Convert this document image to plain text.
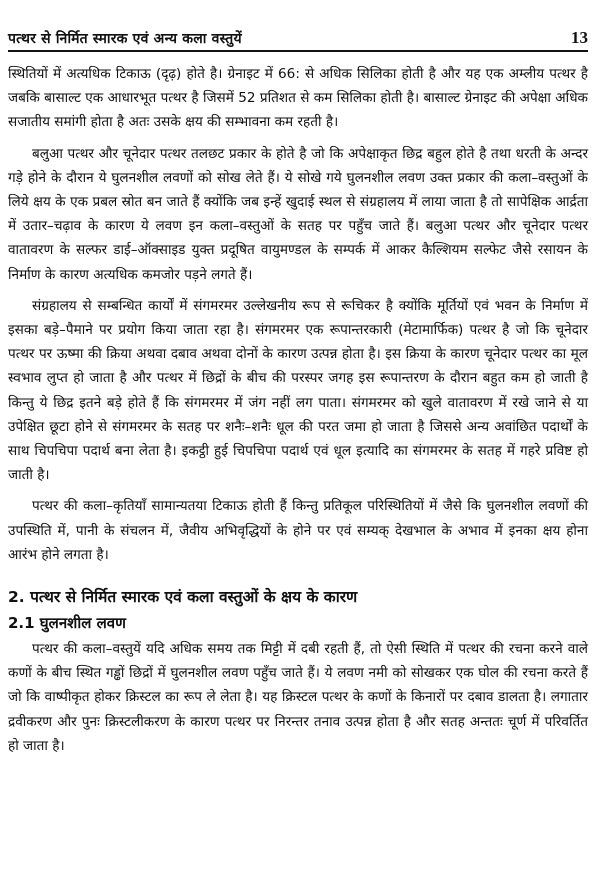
पत्थर से निर्मित स्मारक एवं अन्य कला वस्तुयें	13

स्थितियों में अत्यधिक टिकाऊ (दृढ़) होते है। ग्रेनाइट में 66: से अधिक सिलिका होती है और यह एक अम्लीय पत्थर है जबकि बासाल्ट एक आधारभूत पत्थर है जिसमें 52 प्रतिशत से कम सिलिका होती है। बासाल्ट ग्रेनाइट की अपेक्षा अधिक सजातीय समांगी होता है अतः उसके क्षय की सम्भावना कम रहती है।

बलुआ पत्थर और चूनेदार पत्थर तलछट प्रकार के होते है जो कि अपेक्षाकृत छिद्र बहुल होते है तथा धरती के अन्दर गड़े होने के दौरान ये घुलनशील लवणों को सोख लेते हैं। ये सोखे गये घुलनशील लवण उक्त प्रकार की कला–वस्तुओं के लिये क्षय के एक प्रबल स्रोत बन जाते हैं क्योंकि जब इन्हें खुदाई स्थल से संग्रहालय में लाया जाता है तो सापेक्षिक आर्द्रता में उतार–चढ़ाव के कारण ये लवण इन कला–वस्तुओं के सतह पर पहुँच जाते हैं। बलुआ पत्थर और चूनेदार पत्थर वातावरण के सल्फर डाई–ऑक्साइड युक्त प्रदूषित वायुमण्डल के सम्पर्क में आकर कैल्शियम सल्फेट जैसे रसायन के निर्माण के कारण अत्यधिक कमजोर पड़ने लगते हैं।

संग्रहालय से सम्बन्धित कार्यों में संगमरमर उल्लेखनीय रूप से रूचिकर है क्योंकि मूर्तियों एवं भवन के निर्माण में इसका बड़े–पैमाने पर प्रयोग किया जाता रहा है। संगमरमर एक रूपान्तरकारी (मेटामार्फिक) पत्थर है जो कि चूनेदार पत्थर पर ऊष्मा की क्रिया अथवा दबाव अथवा दोनों के कारण उत्पन्न होता है। इस क्रिया के कारण चूनेदार पत्थर का मूल स्वभाव लुप्त हो जाता है और पत्थर में छिद्रों के बीच की परस्पर जगह इस रूपान्तरण के दौरान बहुत कम हो जाती है किन्तु ये छिद्र इतने बड़े होते हैं कि संगमरमर में जंग नहीं लग पाता। संगमरमर को खुले वातावरण में रखे जाने से या उपेक्षित छूटा होने से संगमरमर के सतह पर शनैः–शनैः धूल की परत जमा हो जाता है जिससे अन्य अवांछित पदार्थों के साथ चिपचिपा पदार्थ बना लेता है। इकट्ठी हुई चिपचिपा पदार्थ एवं धूल इत्यादि का संगमरमर के सतह में गहरे प्रविष्ट हो जाती है।

पत्थर की कला–कृतियाँ सामान्यतया टिकाऊ होती हैं किन्तु प्रतिकूल परिस्थितियों में जैसे कि घुलनशील लवणों की उपस्थिति में, पानी के संचलन में, जैवीय अभिवृद्धियों के होने पर एवं सम्यक् देखभाल के अभाव में इनका क्षय होना आरंभ होने लगता है।

2. पत्थर से निर्मित स्मारक एवं कला वस्तुओं के क्षय के कारण
2.1 घुलनशील लवण

पत्थर की कला–वस्तुयें यदि अधिक समय तक मिट्टी में दबी रहती हैं, तो ऐसी स्थिति में पत्थर की रचना करने वाले कणों के बीच स्थित गड्ढों छिद्रों में घुलनशील लवण पहुँच जाते हैं। ये लवण नमी को सोखकर एक घोल की रचना करते हैं जो कि वाष्पीकृत होकर क्रिस्टल का रूप ले लेता है। यह क्रिस्टल पत्थर के कणों के किनारों पर दबाव डालता है। लगातार द्रवीकरण और पुनः क्रिस्टलीकरण के कारण पत्थर पर निरन्तर तनाव उत्पन्न होता है और सतह अन्ततः चूर्ण में परिवर्तित हो जाता है।
